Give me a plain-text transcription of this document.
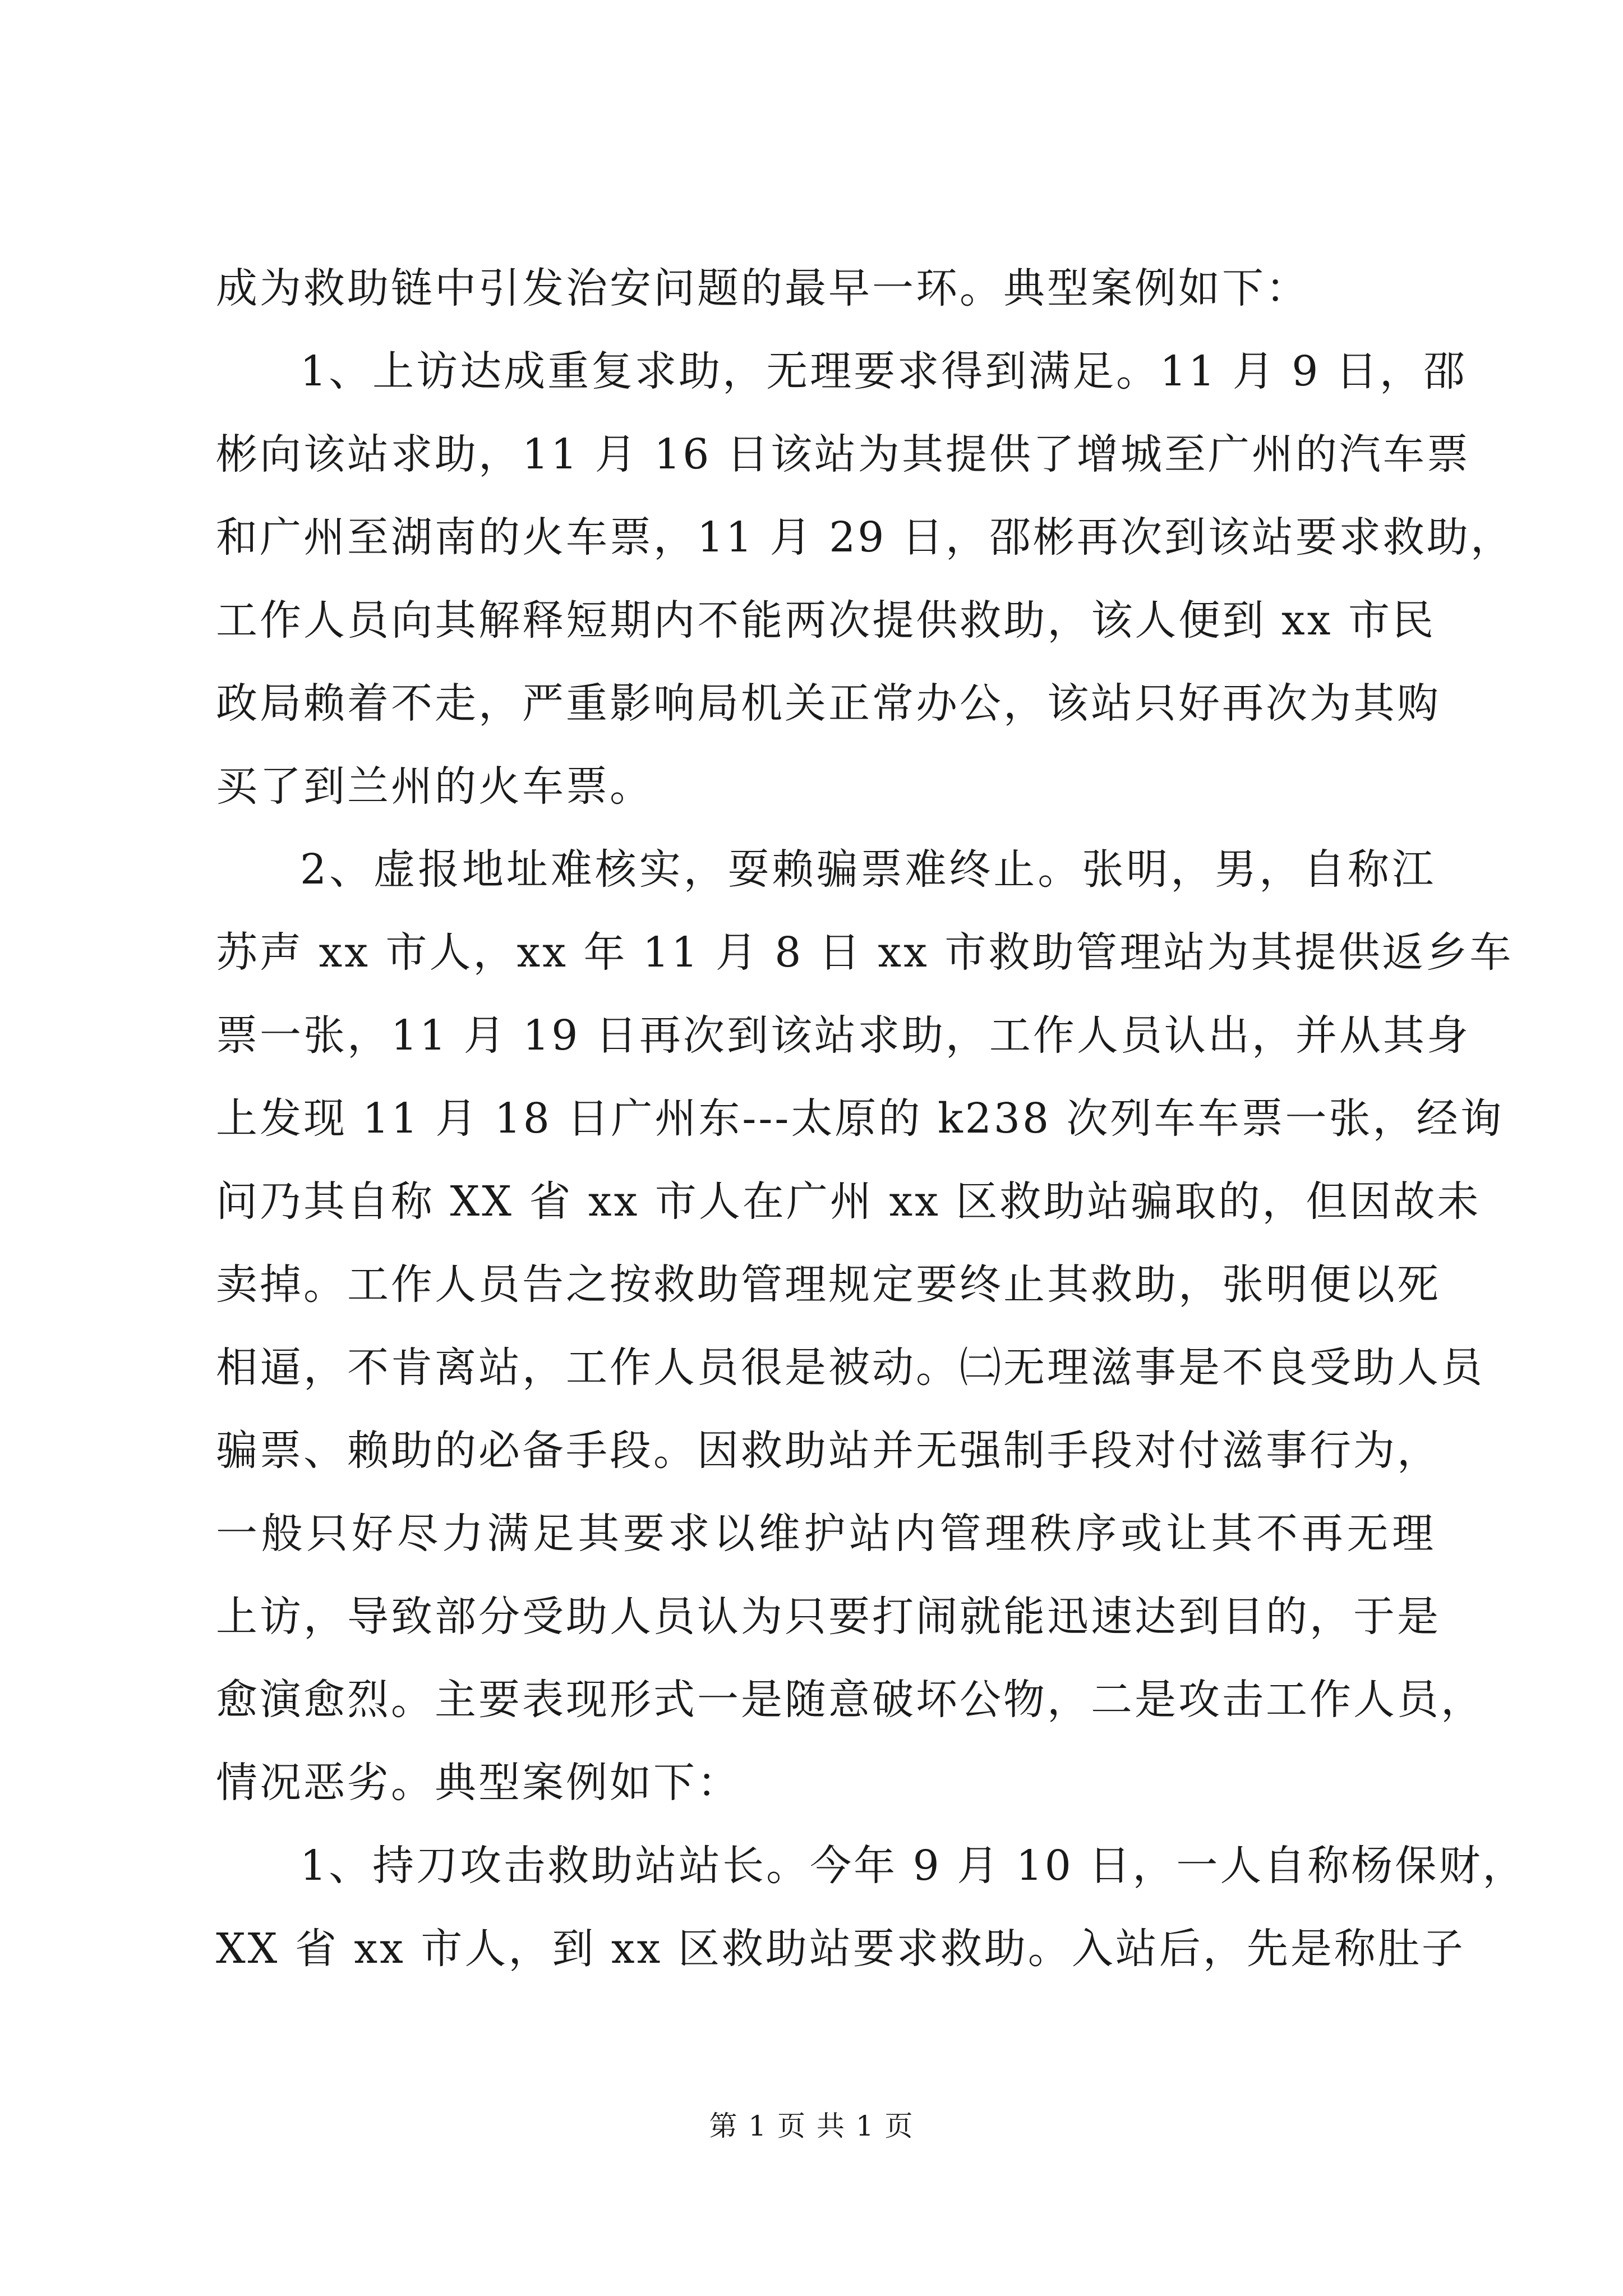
成为救助链中引发治安问题的最早一环。典型案例如下：
1、上访达成重复求助，无理要求得到满足。11 月 9 日，邵
彬向该站求助，11 月 16 日该站为其提供了增城至广州的汽车票
和广州至湖南的火车票，11 月 29 日，邵彬再次到该站要求救助，
工作人员向其解释短期内不能两次提供救助，该人便到 xx 市民
政局赖着不走，严重影响局机关正常办公，该站只好再次为其购
买了到兰州的火车票。
2、虚报地址难核实，耍赖骗票难终止。张明，男，自称江
苏声 xx 市人，xx 年 11 月 8 日 xx 市救助管理站为其提供返乡车
票一张，11 月 19 日再次到该站求助，工作人员认出，并从其身
上发现 11 月 18 日广州东---太原的 k238 次列车车票一张，经询
问乃其自称 XX 省 xx 市人在广州 xx 区救助站骗取的，但因故未
卖掉。工作人员告之按救助管理规定要终止其救助，张明便以死
相逼，不肯离站，工作人员很是被动。㈡无理滋事是不良受助人员
骗票、赖助的必备手段。因救助站并无强制手段对付滋事行为，
一般只好尽力满足其要求以维护站内管理秩序或让其不再无理
上访，导致部分受助人员认为只要打闹就能迅速达到目的，于是
愈演愈烈。主要表现形式一是随意破坏公物，二是攻击工作人员，
情况恶劣。典型案例如下：
1、持刀攻击救助站站长。今年 9 月 10 日，一人自称杨保财，
XX 省 xx 市人，到 xx 区救助站要求救助。入站后，先是称肚子
第 1 页 共 1 页
